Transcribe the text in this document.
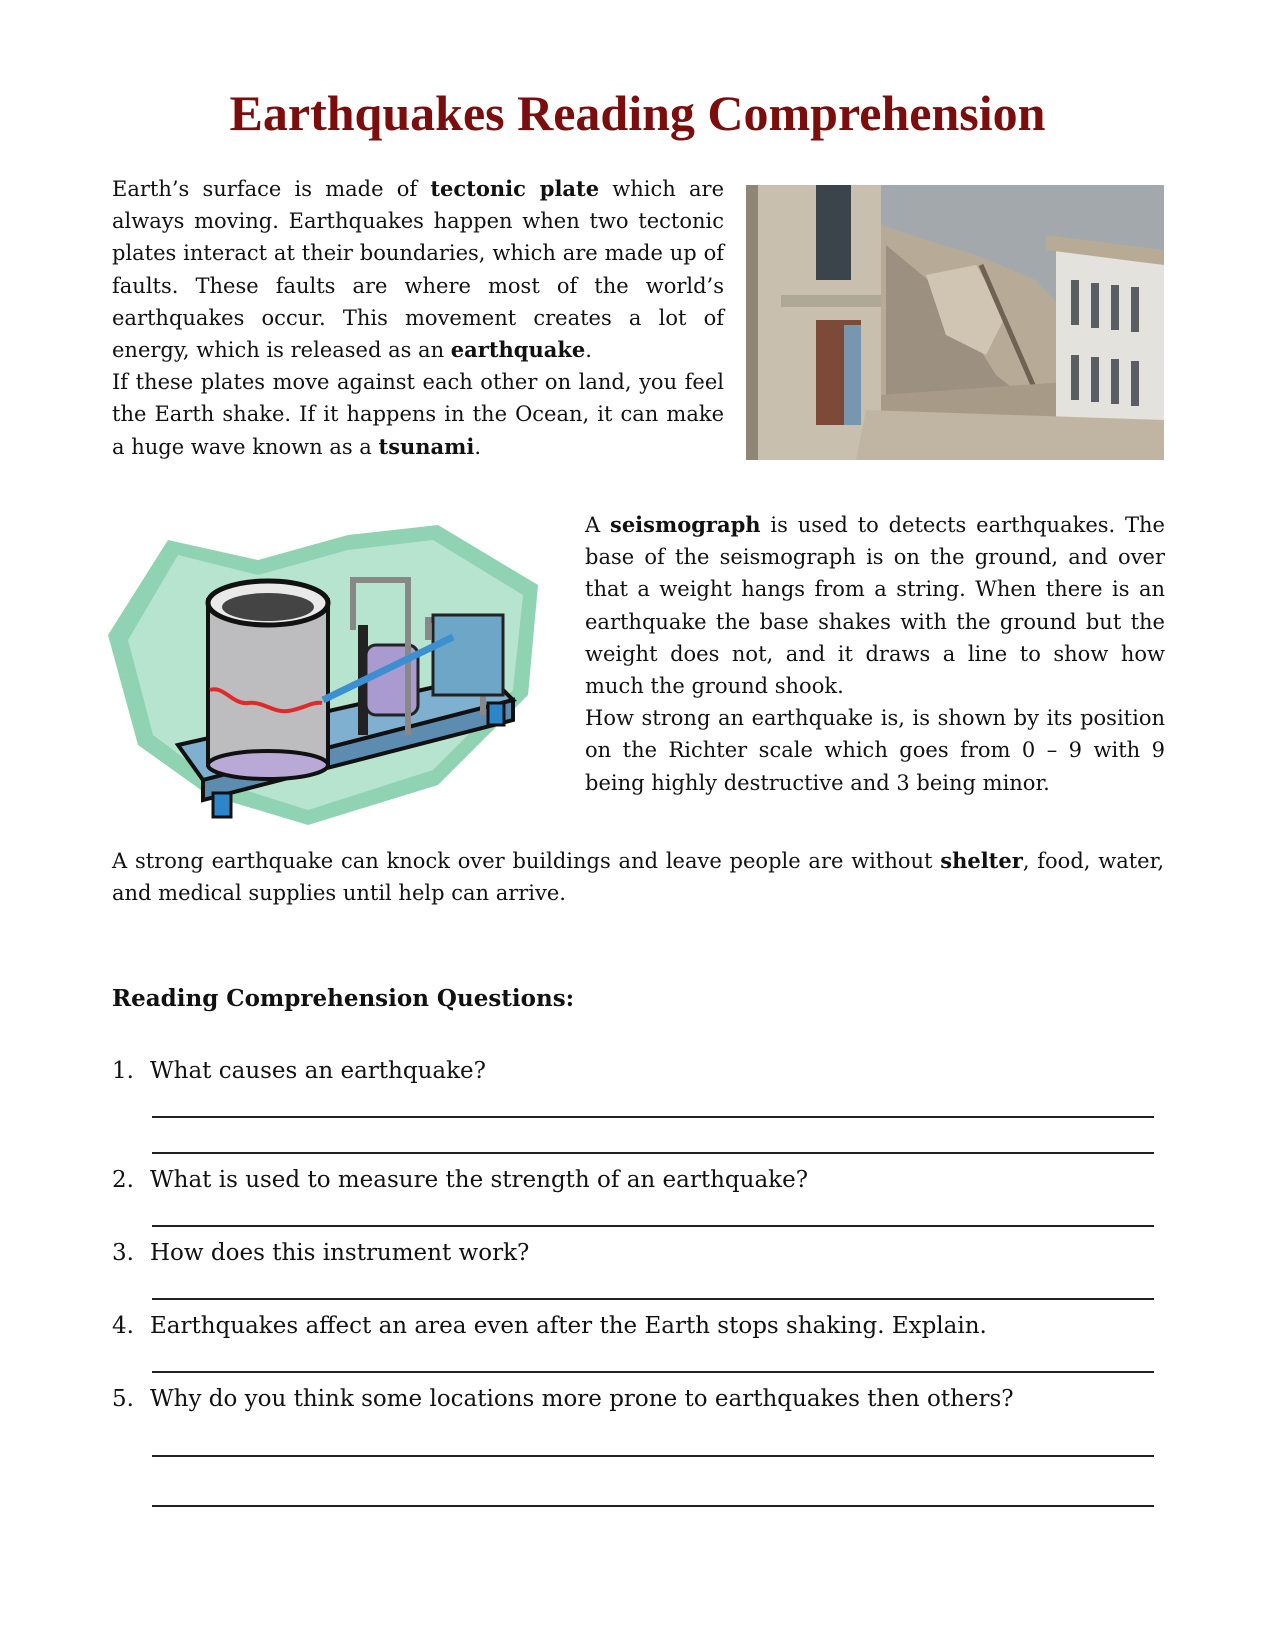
Earthquakes Reading Comprehension

Earth’s surface is made of tectonic plate which are always moving. Earthquakes happen when two tectonic plates interact at their boundaries, which are made up of faults. These faults are where most of the world’s earthquakes occur. This movement creates a lot of energy, which is released as an earthquake.
If these plates move against each other on land, you feel the Earth shake. If it happens in the Ocean, it can make a huge wave known as a tsunami.

A seismograph is used to detects earthquakes. The base of the seismograph is on the ground, and over that a weight hangs from a string. When there is an earthquake the base shakes with the ground but the weight does not, and it draws a line to show how much the ground shook.
How strong an earthquake is, is shown by its position on the Richter scale which goes from 0 – 9 with 9 being highly destructive and 3 being minor.

A strong earthquake can knock over buildings and leave people are without shelter, food, water, and medical supplies until help can arrive.

Reading Comprehension Questions:
1. What causes an earthquake?
2. What is used to measure the strength of an earthquake?
3. How does this instrument work?
4. Earthquakes affect an area even after the Earth stops shaking. Explain.
5. Why do you think some locations more prone to earthquakes then others?
